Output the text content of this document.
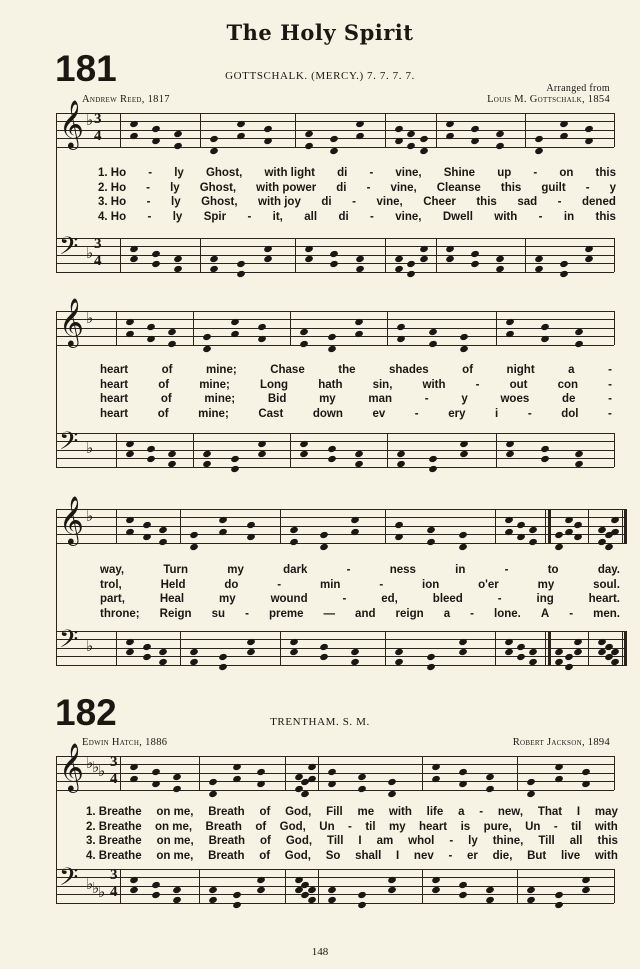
The Holy Spirit
181	GOTTSCHALK. (MERCY.) 7. 7. 7. 7.
Andrew Reed, 1817
Arranged from
Louis M. Gottschalk, 1854
𝄞
𝄢
♭
♭
3
4
3
4
𝄞
𝄢
♭
♭
𝄞
𝄢
♭
♭
𝄞
𝄢
♭
♭
♭
♭
♭
♭
3
4
3
4
1. Ho - ly Ghost, with light di - vine, Shine up - on this
2. Ho - ly Ghost, with power di - vine, Cleanse this guilt - y
3. Ho - ly Ghost, with joy di - vine, Cheer this sad - dened
4. Ho - ly Spir - it, all di - vine, Dwell with - in this
heart	of	mine;	Chase	the	shades	of	night	a	-
heart	of	mine;	Long	hath	sin,	with	-	out	con	-
heart	of	mine;	Bid	my	man	-	y	woes	de	-
heart	of	mine;	Cast	down	ev	-	ery	i	-	dol	-
way,	Turn	my	dark	-	ness	in	-	to	day.
trol,	Held	do	-	min	-	ion	o'er	my	soul.
part,	Heal	my	wound	-	ed,	bleed	-	ing	heart.
throne; Reign su - preme — and reign a - lone. A - men.
182	TRENTHAM. S. M.
Edwin Hatch, 1886	Robert Jackson, 1894
1. Breathe on me, Breath of God, Fill me with life a - new, That I may
2. Breathe on me, Breath of God, Un - til my heart is pure, Un - til with
3. Breathe on me, Breath of God, Till I am whol - ly thine, Till all this
4. Breathe on me, Breath of God, So shall I nev - er die, But live with
148
